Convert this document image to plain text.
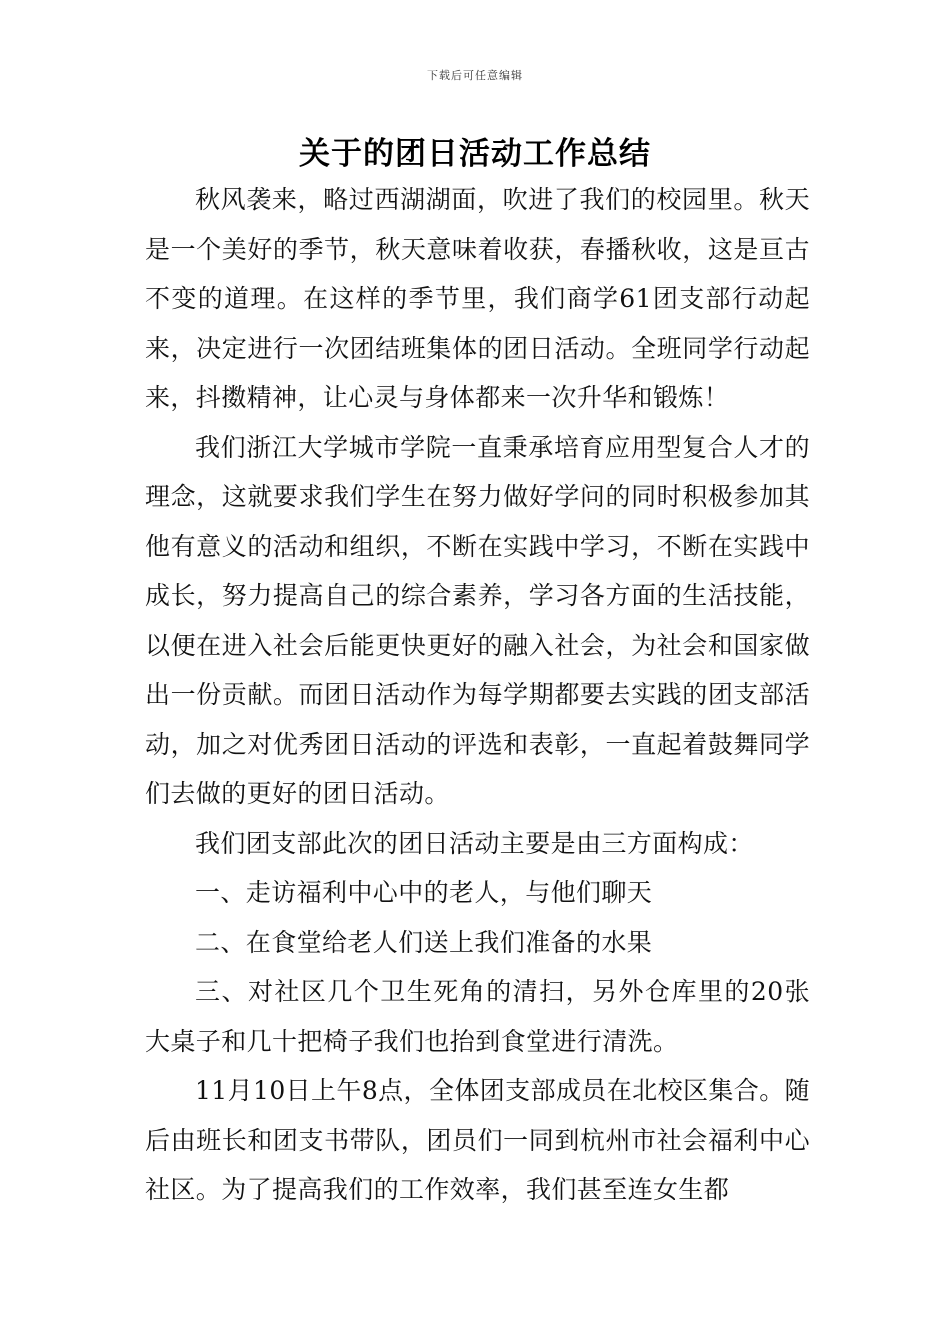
下载后可任意编辑
关于的团日活动工作总结

秋风袭来，略过西湖湖面，吹进了我们的校园里。秋天是一个美好的季节，秋天意味着收获，春播秋收，这是亘古不变的道理。在这样的季节里，我们商学61团支部行动起来，决定进行一次团结班集体的团日活动。全班同学行动起来，抖擞精神，让心灵与身体都来一次升华和锻炼！

我们浙江大学城市学院一直秉承培育应用型复合人才的理念，这就要求我们学生在努力做好学问的同时积极参加其他有意义的活动和组织，不断在实践中学习，不断在实践中成长，努力提高自己的综合素养，学习各方面的生活技能，以便在进入社会后能更快更好的融入社会，为社会和国家做出一份贡献。而团日活动作为每学期都要去实践的团支部活动，加之对优秀团日活动的评选和表彰，一直起着鼓舞同学们去做的更好的团日活动。

我们团支部此次的团日活动主要是由三方面构成：

一、走访福利中心中的老人，与他们聊天

二、在食堂给老人们送上我们准备的水果

三、对社区几个卫生死角的清扫，另外仓库里的20张大桌子和几十把椅子我们也抬到食堂进行清洗。

11月10日上午8点，全体团支部成员在北校区集合。随后由班长和团支书带队，团员们一同到杭州市社会福利中心社区。为了提高我们的工作效率，我们甚至连女生都
